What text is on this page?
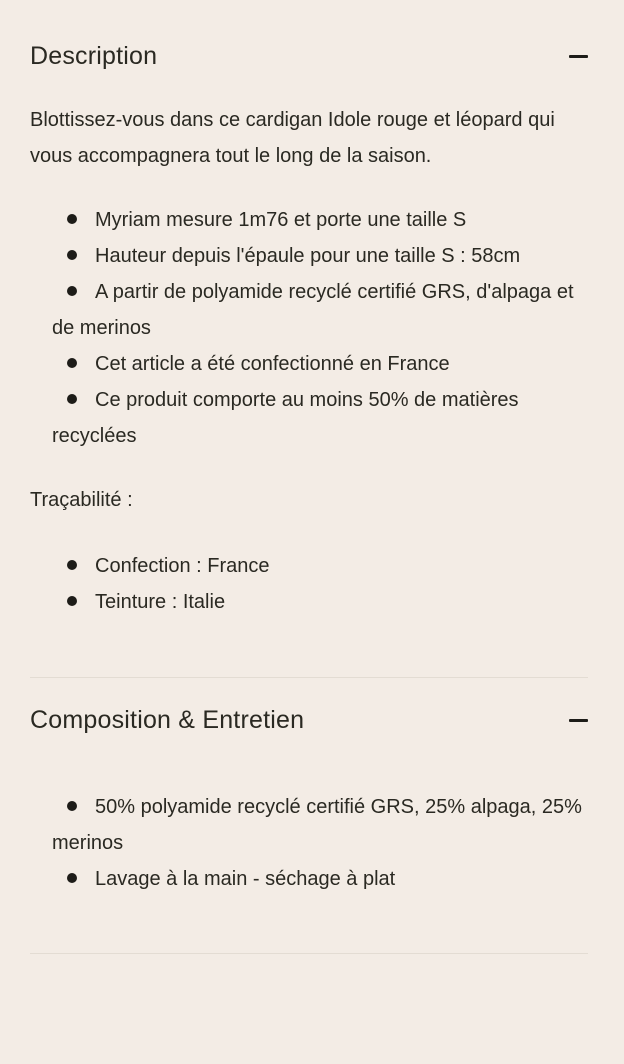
Description

Blottissez-vous dans ce cardigan Idole rouge et léopard qui vous accompagnera tout le long de la saison.

Myriam mesure 1m76 et porte une taille S
Hauteur depuis l'épaule pour une taille S : 58cm
A partir de polyamide recyclé certifié GRS, d'alpaga et de merinos
Cet article a été confectionné en France
Ce produit comporte au moins 50% de matières recyclées

Traçabilité :

Confection : France
Teinture : Italie
Composition & Entretien
50% polyamide recyclé certifié GRS, 25% alpaga, 25% merinos
Lavage à la main - séchage à plat
